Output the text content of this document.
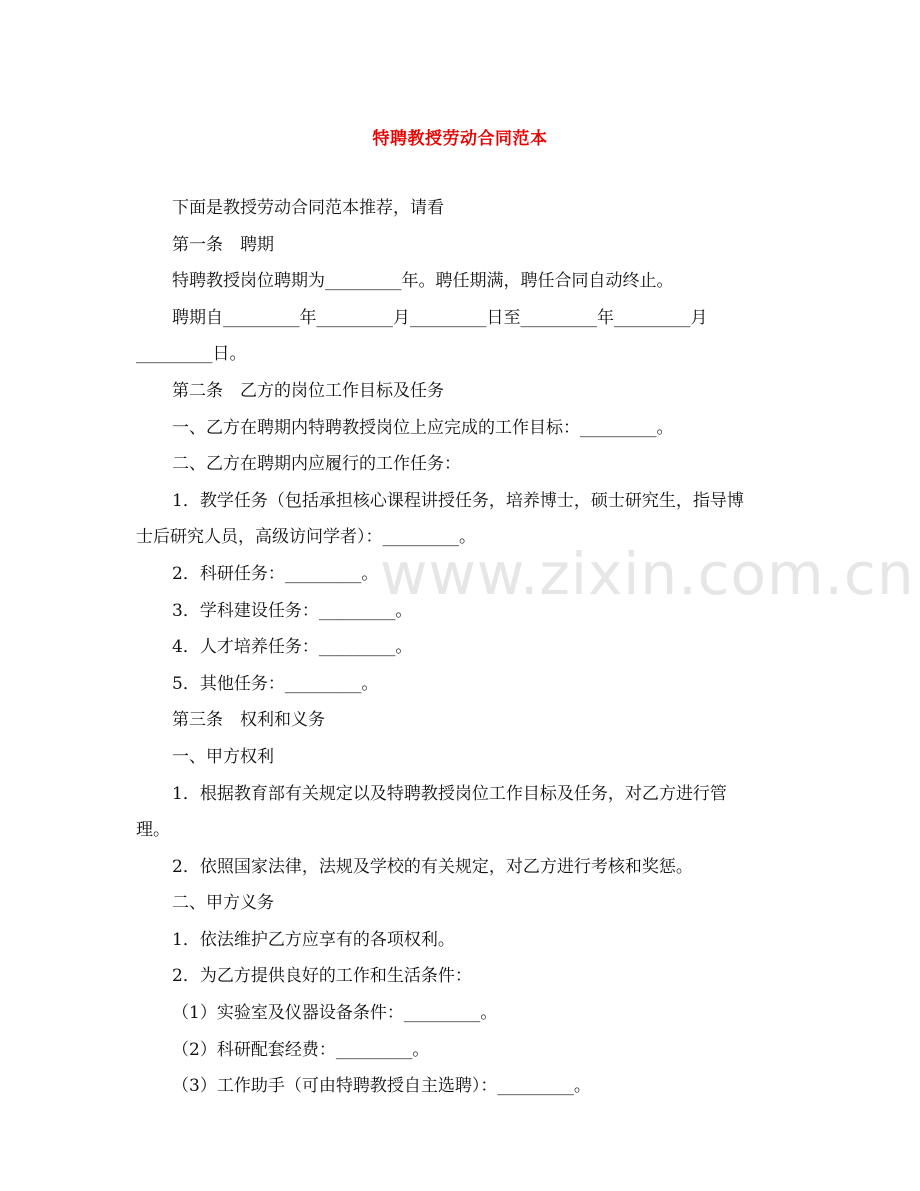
www.zixin.com.cn
特聘教授劳动合同范本
下面是教授劳动合同范本推荐，请看
第一条　聘期
特聘教授岗位聘期为_________年。聘任期满，聘任合同自动终止。
聘期自_________年_________月_________日至_________年_________月
_________日。
第二条　乙方的岗位工作目标及任务
一、乙方在聘期内特聘教授岗位上应完成的工作目标：_________。
二、乙方在聘期内应履行的工作任务：
1．教学任务（包括承担核心课程讲授任务，培养博士，硕士研究生，指导博
士后研究人员，高级访问学者）：_________。
2．科研任务：_________。
3．学科建设任务：_________。
4．人才培养任务：_________。
5．其他任务：_________。
第三条　权利和义务
一、甲方权利
1．根据教育部有关规定以及特聘教授岗位工作目标及任务，对乙方进行管
理。
2．依照国家法律，法规及学校的有关规定，对乙方进行考核和奖惩。
二、甲方义务
1．依法维护乙方应享有的各项权利。
2．为乙方提供良好的工作和生活条件：
（1）实验室及仪器设备条件：_________。
（2）科研配套经费：_________。
（3）工作助手（可由特聘教授自主选聘）：_________。
